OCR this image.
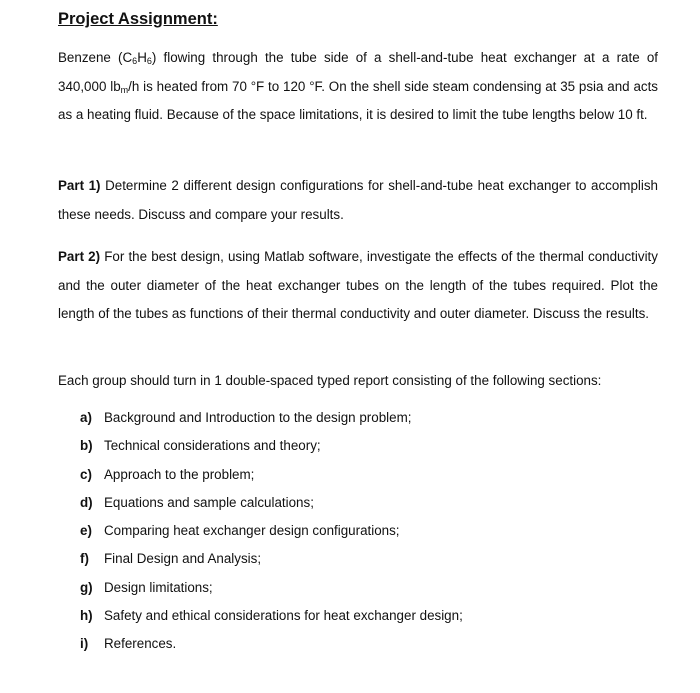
Project Assignment:

Benzene $(C_6H_6)$ flowing through the tube side of a shell-and-tube heat exchanger at a rate of 340,000 $lb_m/h$ is heated from 70 °F to 120 °F. On the shell side steam condensing at 35 psia and acts as a heating fluid. Because of the space limitations, it is desired to limit the tube lengths below 10 ft.

Part 1) Determine 2 different design configurations for shell-and-tube heat exchanger to accomplish these needs. Discuss and compare your results.

Part 2) For the best design, using Matlab software, investigate the effects of the thermal conductivity and the outer diameter of the heat exchanger tubes on the length of the tubes required. Plot the length of the tubes as functions of their thermal conductivity and outer diameter. Discuss the results.

Each group should turn in 1 double-spaced typed report consisting of the following sections:

a) Background and Introduction to the design problem;
b) Technical considerations and theory;
c) Approach to the problem;
d) Equations and sample calculations;
e) Comparing heat exchanger design configurations;
f) Final Design and Analysis;
g) Design limitations;
h) Safety and ethical considerations for heat exchanger design;
i) References.
